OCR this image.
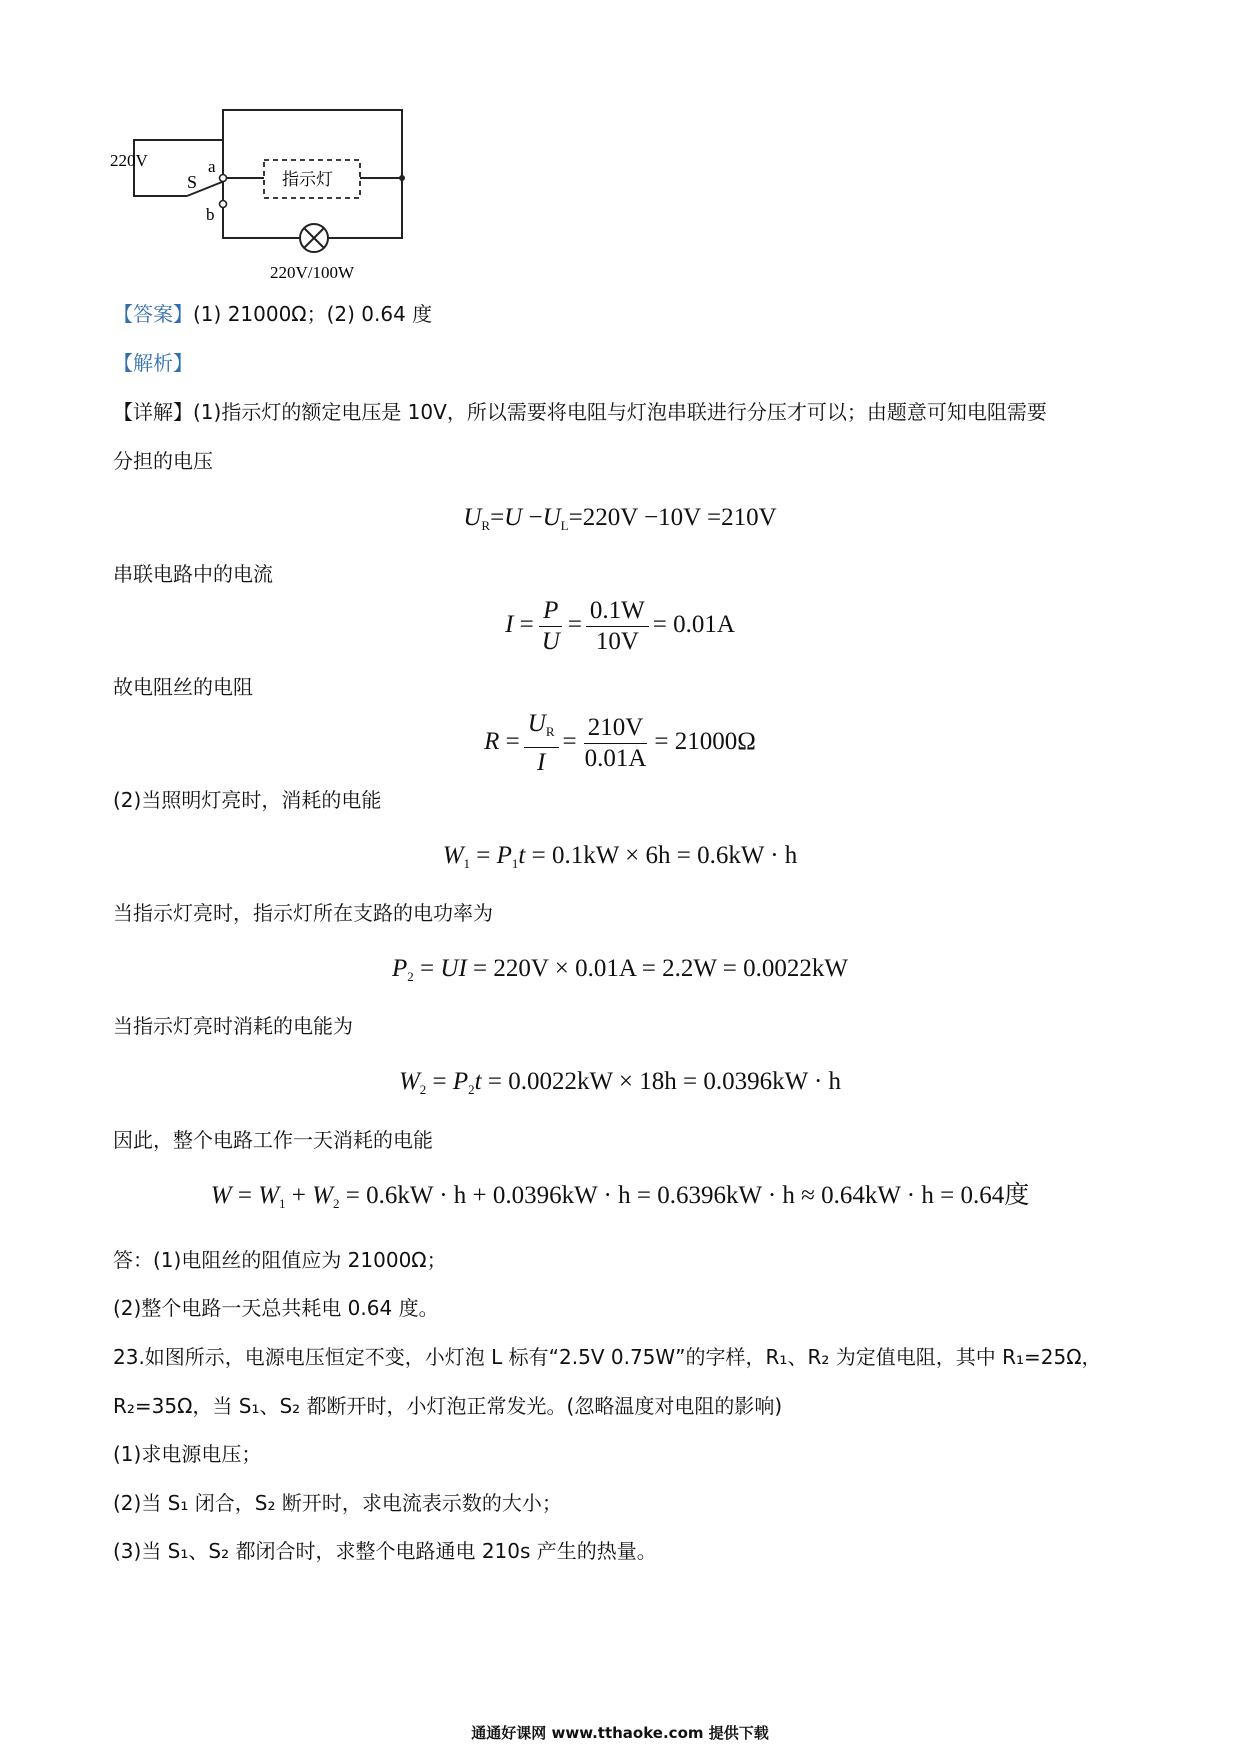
220V
S
a
b
指示灯
220V/100W
【答案】(1) 21000Ω；(2) 0.64 度
【解析】
【详解】(1)指示灯的额定电压是 10V，所以需要将电阻与灯泡串联进行分压才可以；由题意可知电阻需要
分担的电压
$U_R=U -U_L=220V -10V =210V$
串联电路中的电流
$I = \frac{P}{U} = \frac{0.1W}{10V} = 0.01A$
故电阻丝的电阻
$R = \frac{U_R}{I} = \frac{210V}{0.01A} = 21000\Omega$
(2)当照明灯亮时，消耗的电能
$W_1 = P_1t = 0.1kW \times 6h = 0.6kW \cdot h$
当指示灯亮时，指示灯所在支路的电功率为
$P_2$ = UI = 220V × 0.01A = 2.2W = 0.0022kW
当指示灯亮时消耗的电能为
$W_2 = P_2t = 0.0022kW \times 18h = 0.0396kW \cdot h$
因此，整个电路工作一天消耗的电能
$W = W_1 + W_2 = 0.6kW \cdot h + 0.0396kW \cdot h = 0.6396kW \cdot h \approx 0.64kW \cdot h = 0.64$度
答：(1)电阻丝的阻值应为 21000Ω；
(2)整个电路一天总共耗电 0.64 度。
23.如图所示，电源电压恒定不变，小灯泡 L 标有“2.5V 0.75W”的字样，R₁、R₂ 为定值电阻，其中 R₁=25Ω，
R₂=35Ω，当 S₁、S₂ 都断开时，小灯泡正常发光。(忽略温度对电阻的影响)
(1)求电源电压；
(2)当 S₁ 闭合，S₂ 断开时，求电流表示数的大小；
(3)当 S₁、S₂ 都闭合时，求整个电路通电 210s 产生的热量。
通通好课网 www.tthaoke.com 提供下载
